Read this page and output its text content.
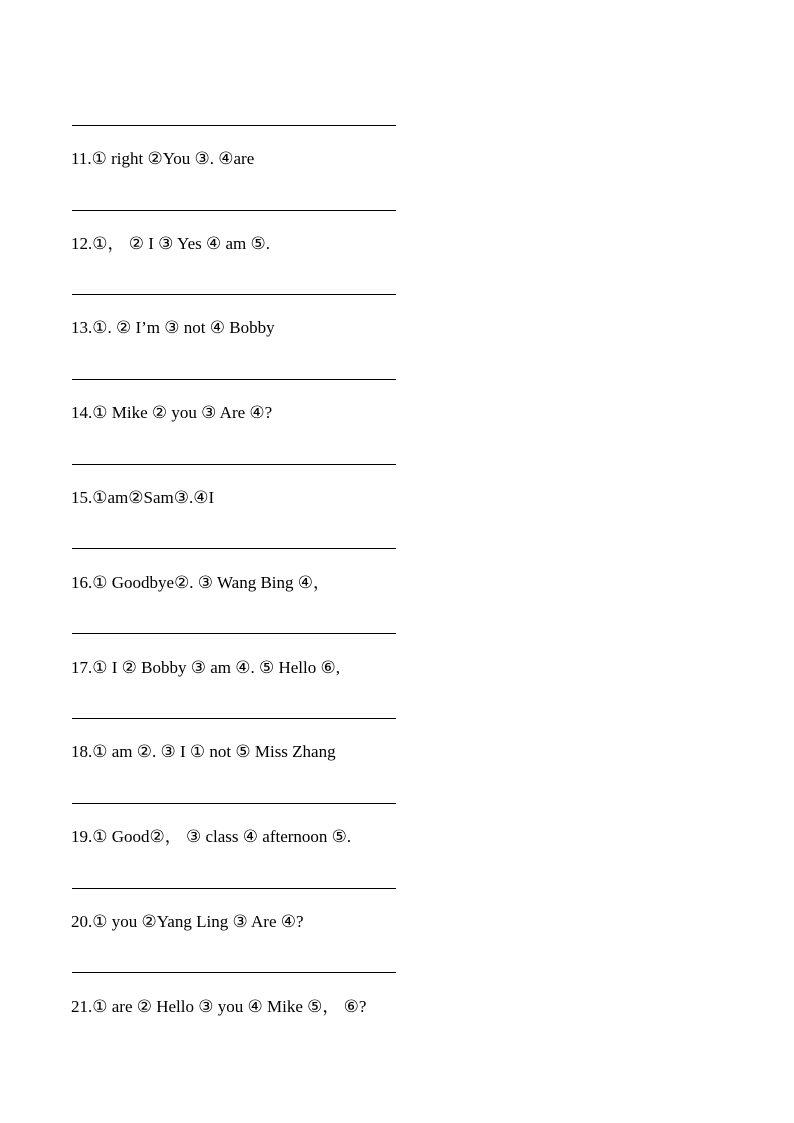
11.① right ②You ③. ④are
12.①， ② I ③ Yes ④ am ⑤.
13.①. ② I’m ③ not ④ Bobby
14.① Mike ② you ③ Are ④?
15.①am②Sam③.④I
16.① Goodbye②. ③ Wang Bing ④，
17.① I ② Bobby ③ am ④. ⑤ Hello ⑥,
18.① am ②. ③ I ① not ⑤ Miss Zhang
19.① Good②， ③ class ④ afternoon ⑤.
20.① you ②Yang Ling ③ Are ④?
21.① are ② Hello ③ you ④ Mike ⑤， ⑥?
